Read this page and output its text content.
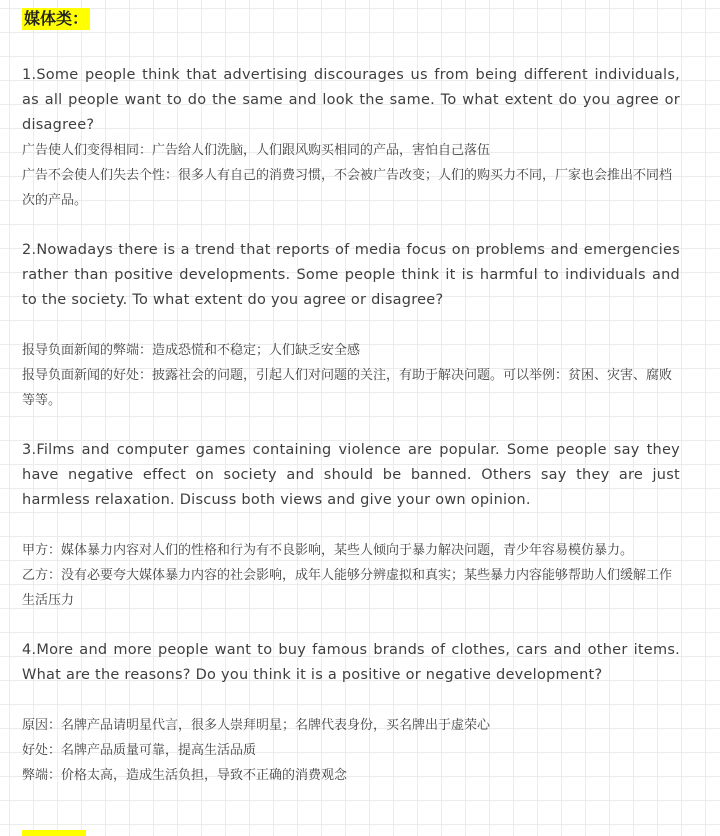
媒体类：

1.Some people think that advertising discourages us from being different individuals, as all people want to do the same and look the same. To what extent do you agree or disagree?

广告使人们变得相同：广告给人们洗脑，人们跟风购买相同的产品，害怕自己落伍

广告不会使人们失去个性：很多人有自己的消费习惯，不会被广告改变；人们的购买力不同，厂家也会推出不同档次的产品。

2.Nowadays there is a trend that reports of media focus on problems and emergencies rather than positive developments. Some people think it is harmful to individuals and to the society. To what extent do you agree or disagree?

报导负面新闻的弊端：造成恐慌和不稳定；人们缺乏安全感

报导负面新闻的好处：披露社会的问题，引起人们对问题的关注，有助于解决问题。可以举例：贫困、灾害、腐败等等。

3.Films and computer games containing violence are popular. Some people say they have negative effect on society and should be banned. Others say they are just harmless relaxation. Discuss both views and give your own opinion.

甲方：媒体暴力内容对人们的性格和行为有不良影响，某些人倾向于暴力解决问题，青少年容易模仿暴力。

乙方：没有必要夸大媒体暴力内容的社会影响，成年人能够分辨虚拟和真实；某些暴力内容能够帮助人们缓解工作生活压力

4.More and more people want to buy famous brands of clothes, cars and other items. What are the reasons? Do you think it is a positive or negative development?

原因：名牌产品请明星代言，很多人崇拜明星；名牌代表身份，买名牌出于虚荣心

好处：名牌产品质量可靠，提高生活品质

弊端：价格太高，造成生活负担，导致不正确的消费观念
